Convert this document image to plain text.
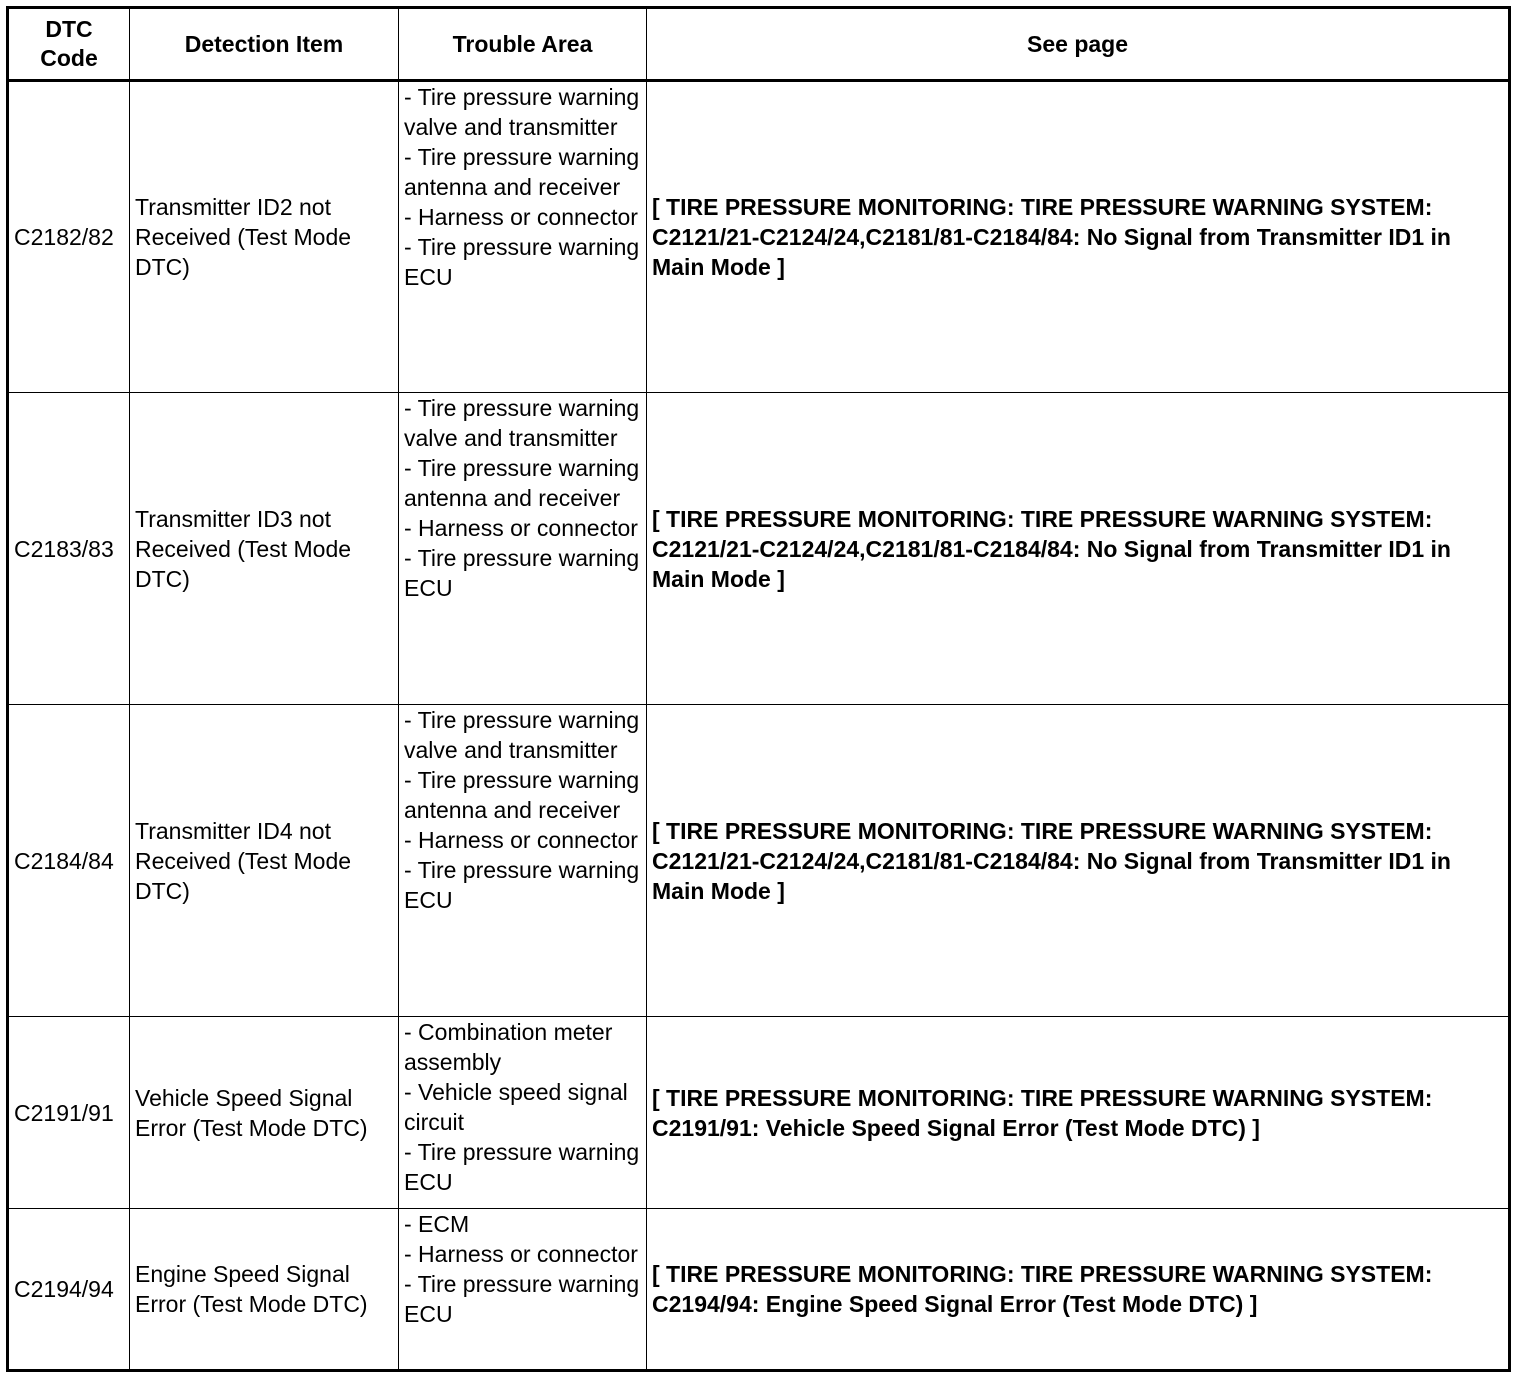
DTC Code	Detection Item	Trouble Area	See page
C2182/82	Transmitter ID2 not Received (Test Mode DTC)	- Tire pressure warning valve and transmitter
- Tire pressure warning antenna and receiver
- Harness or connector
- Tire pressure warning ECU	[ TIRE PRESSURE MONITORING: TIRE PRESSURE WARNING SYSTEM: C2121/21-C2124/24,C2181/81-C2184/84: No Signal from Transmitter ID1 in Main Mode ]
C2183/83	Transmitter ID3 not Received (Test Mode DTC)	- Tire pressure warning valve and transmitter
- Tire pressure warning antenna and receiver
- Harness or connector
- Tire pressure warning ECU	[ TIRE PRESSURE MONITORING: TIRE PRESSURE WARNING SYSTEM: C2121/21-C2124/24,C2181/81-C2184/84: No Signal from Transmitter ID1 in Main Mode ]
C2184/84	Transmitter ID4 not Received (Test Mode DTC)	- Tire pressure warning valve and transmitter
- Tire pressure warning antenna and receiver
- Harness or connector
- Tire pressure warning ECU	[ TIRE PRESSURE MONITORING: TIRE PRESSURE WARNING SYSTEM: C2121/21-C2124/24,C2181/81-C2184/84: No Signal from Transmitter ID1 in Main Mode ]
C2191/91	Vehicle Speed Signal Error (Test Mode DTC)	- Combination meter assembly
- Vehicle speed signal circuit
- Tire pressure warning ECU	[ TIRE PRESSURE MONITORING: TIRE PRESSURE WARNING SYSTEM: C2191/91: Vehicle Speed Signal Error (Test Mode DTC) ]
C2194/94	Engine Speed Signal Error (Test Mode DTC)	- ECM
- Harness or connector
- Tire pressure warning ECU	[ TIRE PRESSURE MONITORING: TIRE PRESSURE WARNING SYSTEM: C2194/94: Engine Speed Signal Error (Test Mode DTC) ]
